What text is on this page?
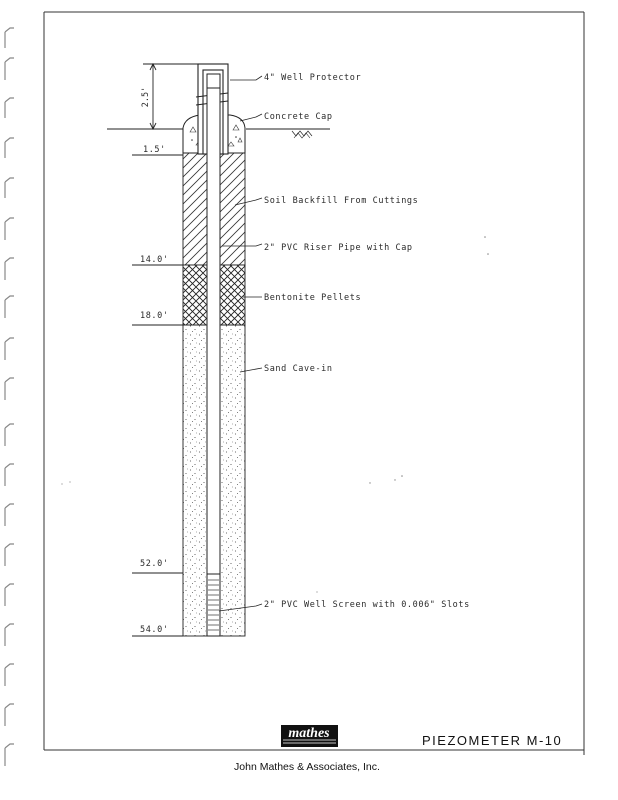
2.5'
1.5'
14.0'
18.0'
52.0'
54.0'
4" Well Protector
Concrete Cap
Soil Backfill From Cuttings
2" PVC Riser Pipe with Cap
Bentonite Pellets
Sand Cave-in
2" PVC Well Screen with 0.006" Slots
mathes	PIEZOMETER M-10
John Mathes & Associates, Inc.
